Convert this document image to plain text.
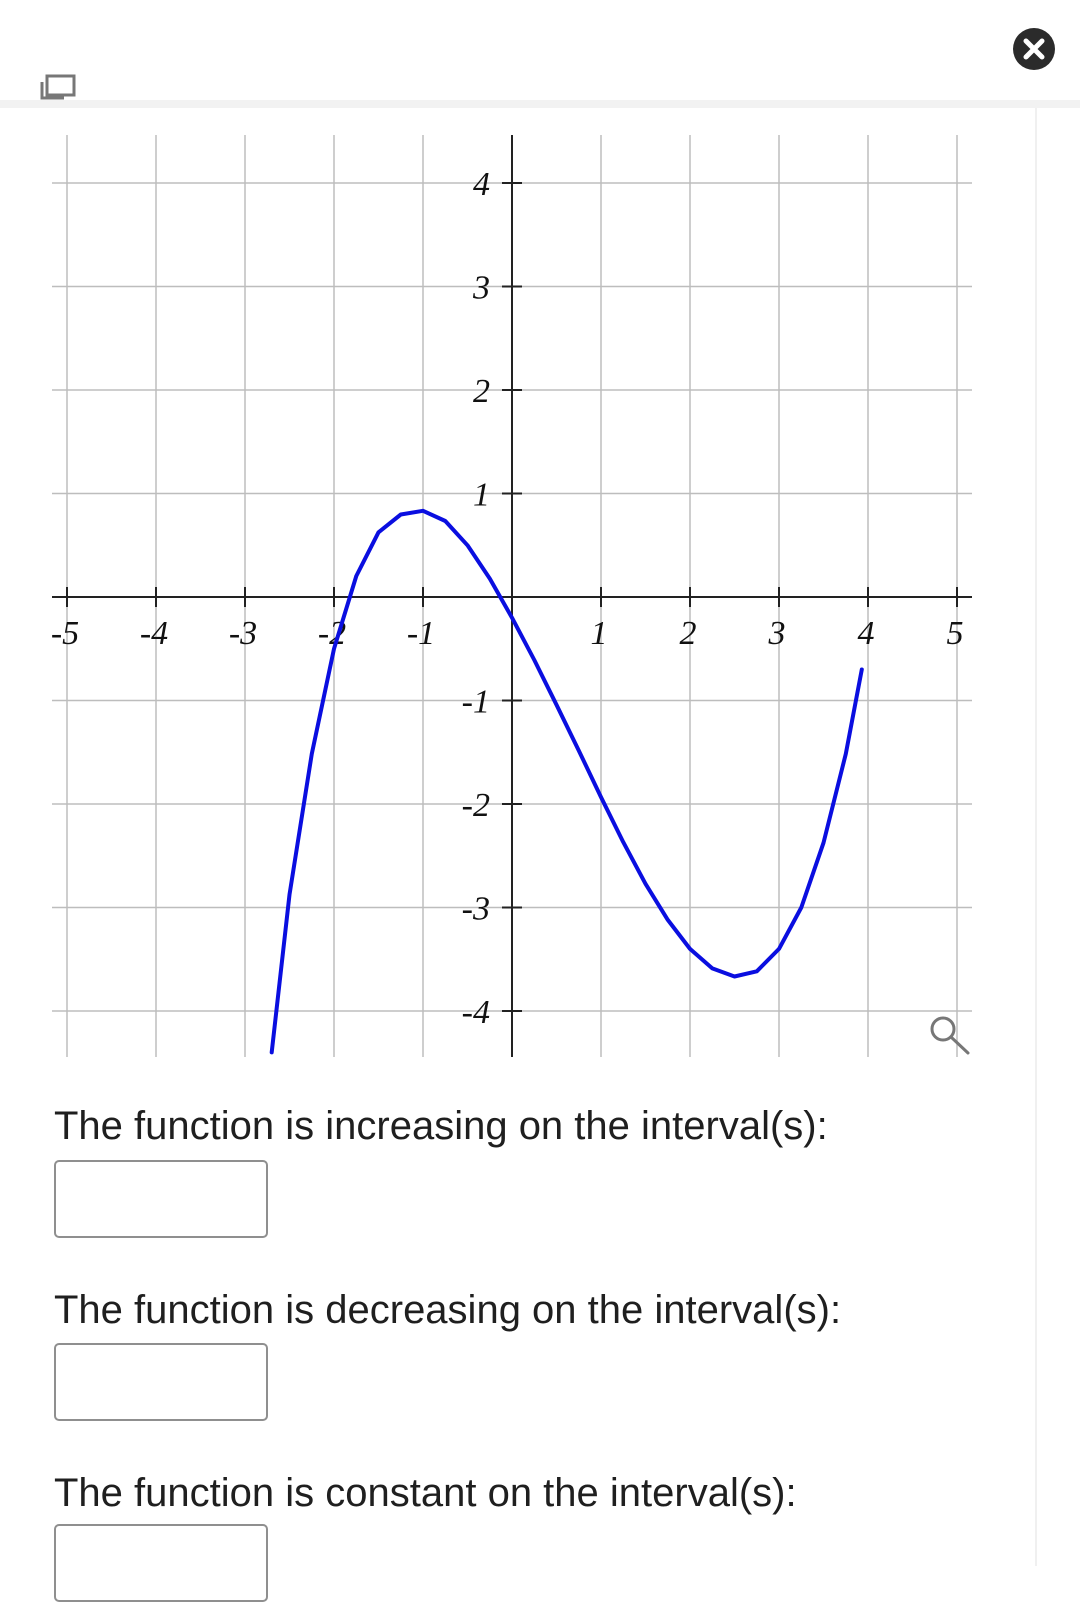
-5 -4 -3 -2 -1	1 2 3 4 5
4
3
2
1
-1
-2
-3
-4
The function is increasing on the interval(s):
The function is decreasing on the interval(s):
The function is constant on the interval(s):
